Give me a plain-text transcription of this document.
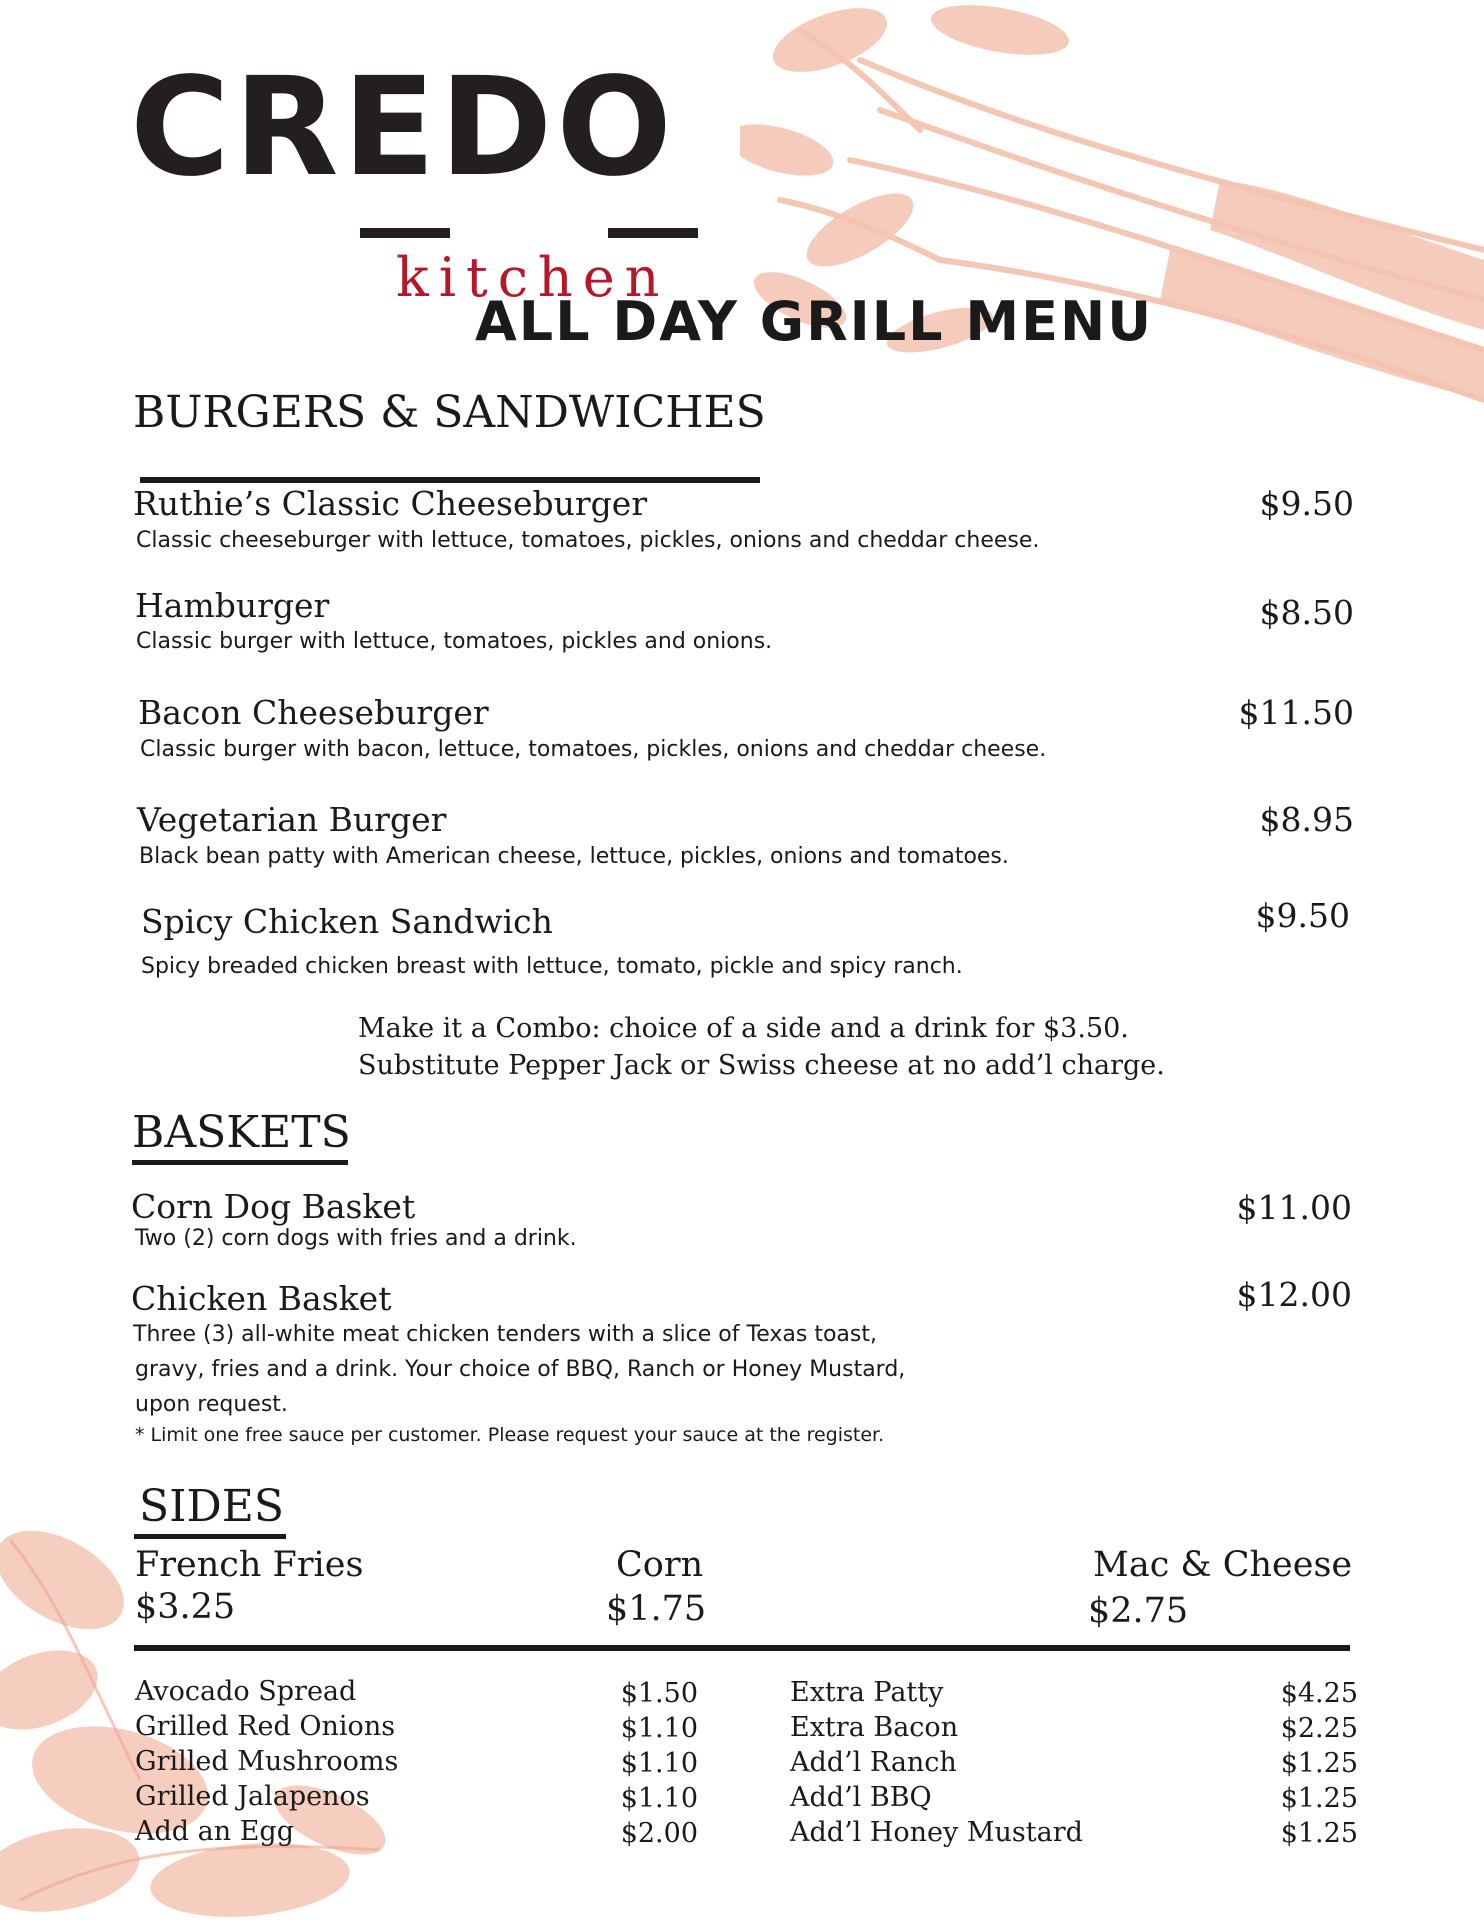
CREDO
kitchen
ALL DAY GRILL MENU
BURGERS & SANDWICHES
Ruthie’s Classic Cheeseburger
Classic cheeseburger with lettuce, tomatoes, pickles, onions and cheddar cheese.
$9.50
Hamburger
Classic burger with lettuce, tomatoes, pickles and onions.
$8.50
Bacon Cheeseburger
Classic burger with bacon, lettuce, tomatoes, pickles, onions and cheddar cheese.
$11.50
Vegetarian Burger
Black bean patty with American cheese, lettuce, pickles, onions and tomatoes.
$8.95
Spicy Chicken Sandwich
Spicy breaded chicken breast with lettuce, tomato, pickle and spicy ranch.
$9.50
Make it a Combo: choice of a side and a drink for $3.50.
Substitute Pepper Jack or Swiss cheese at no add’l charge.
BASKETS
Corn Dog Basket
Two (2) corn dogs with fries and a drink.
$11.00
Chicken Basket
Three (3) all-white meat chicken tenders with a slice of Texas toast,
gravy, fries and a drink. Your choice of BBQ, Ranch or Honey Mustard,
upon request.
$12.00
* Limit one free sauce per customer. Please request your sauce at the register.
SIDES
French Fries
$3.25
Corn
$1.75
Mac & Cheese
$2.75
Avocado Spread
Grilled Red Onions
Grilled Mushrooms
Grilled Jalapenos
Add an Egg
$1.50
$1.10
$1.10
$1.10
$2.00
Extra Patty
Extra Bacon
Add’l Ranch
Add’l BBQ
Add’l Honey Mustard
$4.25
$2.25
$1.25
$1.25
$1.25
